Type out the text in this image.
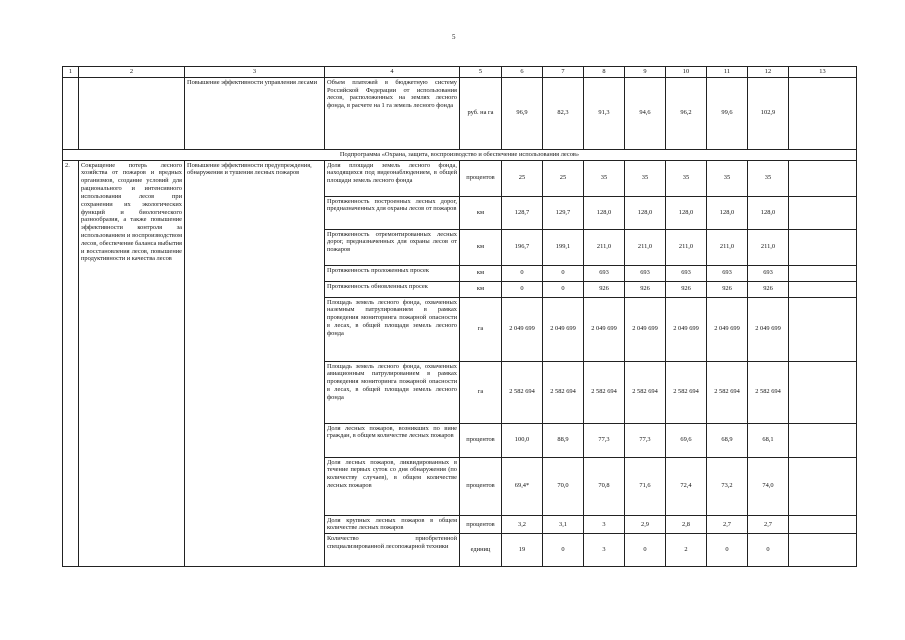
5
1	2	3	4	5	6	7	8	9	10	11	12	13
		Повышение эффективности управления лесами	Объем платежей в бюджетную систему Российской Федерации от использования лесов, расположенных на землях лесного фонда, в расчете на 1 га земель лесного фонда	руб. на га	96,9	82,3	91,3	94,6	96,2	99,6	102,9	
Подпрограмма «Охрана, защита, воспроизводство и обеспечение использования лесов»												
2.	Сокращение потерь лесного хозяйства от пожаров и вредных организмов, создание условий для рационального и интенсивного использования лесов при сохранении их экологических функций и биологического разнообразия, а также повышение эффективности контроля за использованием и воспроизводством лесов, обеспечение баланса выбытия и восстановления лесов, повышение продуктивности и качества лесов	Повышение эффективности предупреждения, обнаружения и тушения лесных пожаров	Доля площади земель лесного фонда, находящихся под видеонаблюдением, в общей площади земель лесного фонда	процентов	25	25	35	35	35	35	35	
			Протяженность построенных лесных дорог, предназначенных для охраны лесов от пожаров	км	128,7	129,7	128,0	128,0	128,0	128,0	128,0	
			Протяженность отремонтированных лесных дорог, предназначенных для охраны лесов от пожаров	км	196,7	199,1	211,0	211,0	211,0	211,0	211,0	
			Протяженность проложенных просек	км	0	0	693	693	693	693	693	
			Протяженность обновленных просек	км	0	0	926	926	926	926	926	
			Площадь земель лесного фонда, охваченных наземным патрулированием в рамках проведения мониторинга пожарной опасности в лесах, в общей площади земель лесного фонда	га	2 049 699	2 049 699	2 049 699	2 049 699	2 049 699	2 049 699	2 049 699	
			Площадь земель лесного фонда, охваченных авиационным патрулированием в рамках проведения мониторинга пожарной опасности в лесах, в общей площади земель лесного фонда	га	2 582 694	2 582 694	2 582 694	2 582 694	2 582 694	2 582 694	2 582 694	
			Доля лесных пожаров, возникших по вине граждан, в общем количестве лесных пожаров	процентов	100,0	88,9	77,3	77,3	69,6	68,9	68,1	
			Доля лесных пожаров, ликвидированных в течение первых суток со дня обнаружения (по количеству случаев), в общем количестве лесных пожаров	процентов	69,4*	70,0	70,8	71,6	72,4	73,2	74,0	
			Доля крупных лесных пожаров в общем количестве лесных пожаров	процентов	3,2	3,1	3	2,9	2,8	2,7	2,7	
			Количество приобретенной специализированной лесопожарной техники	единиц	19	0	3	0	2	0	0	
